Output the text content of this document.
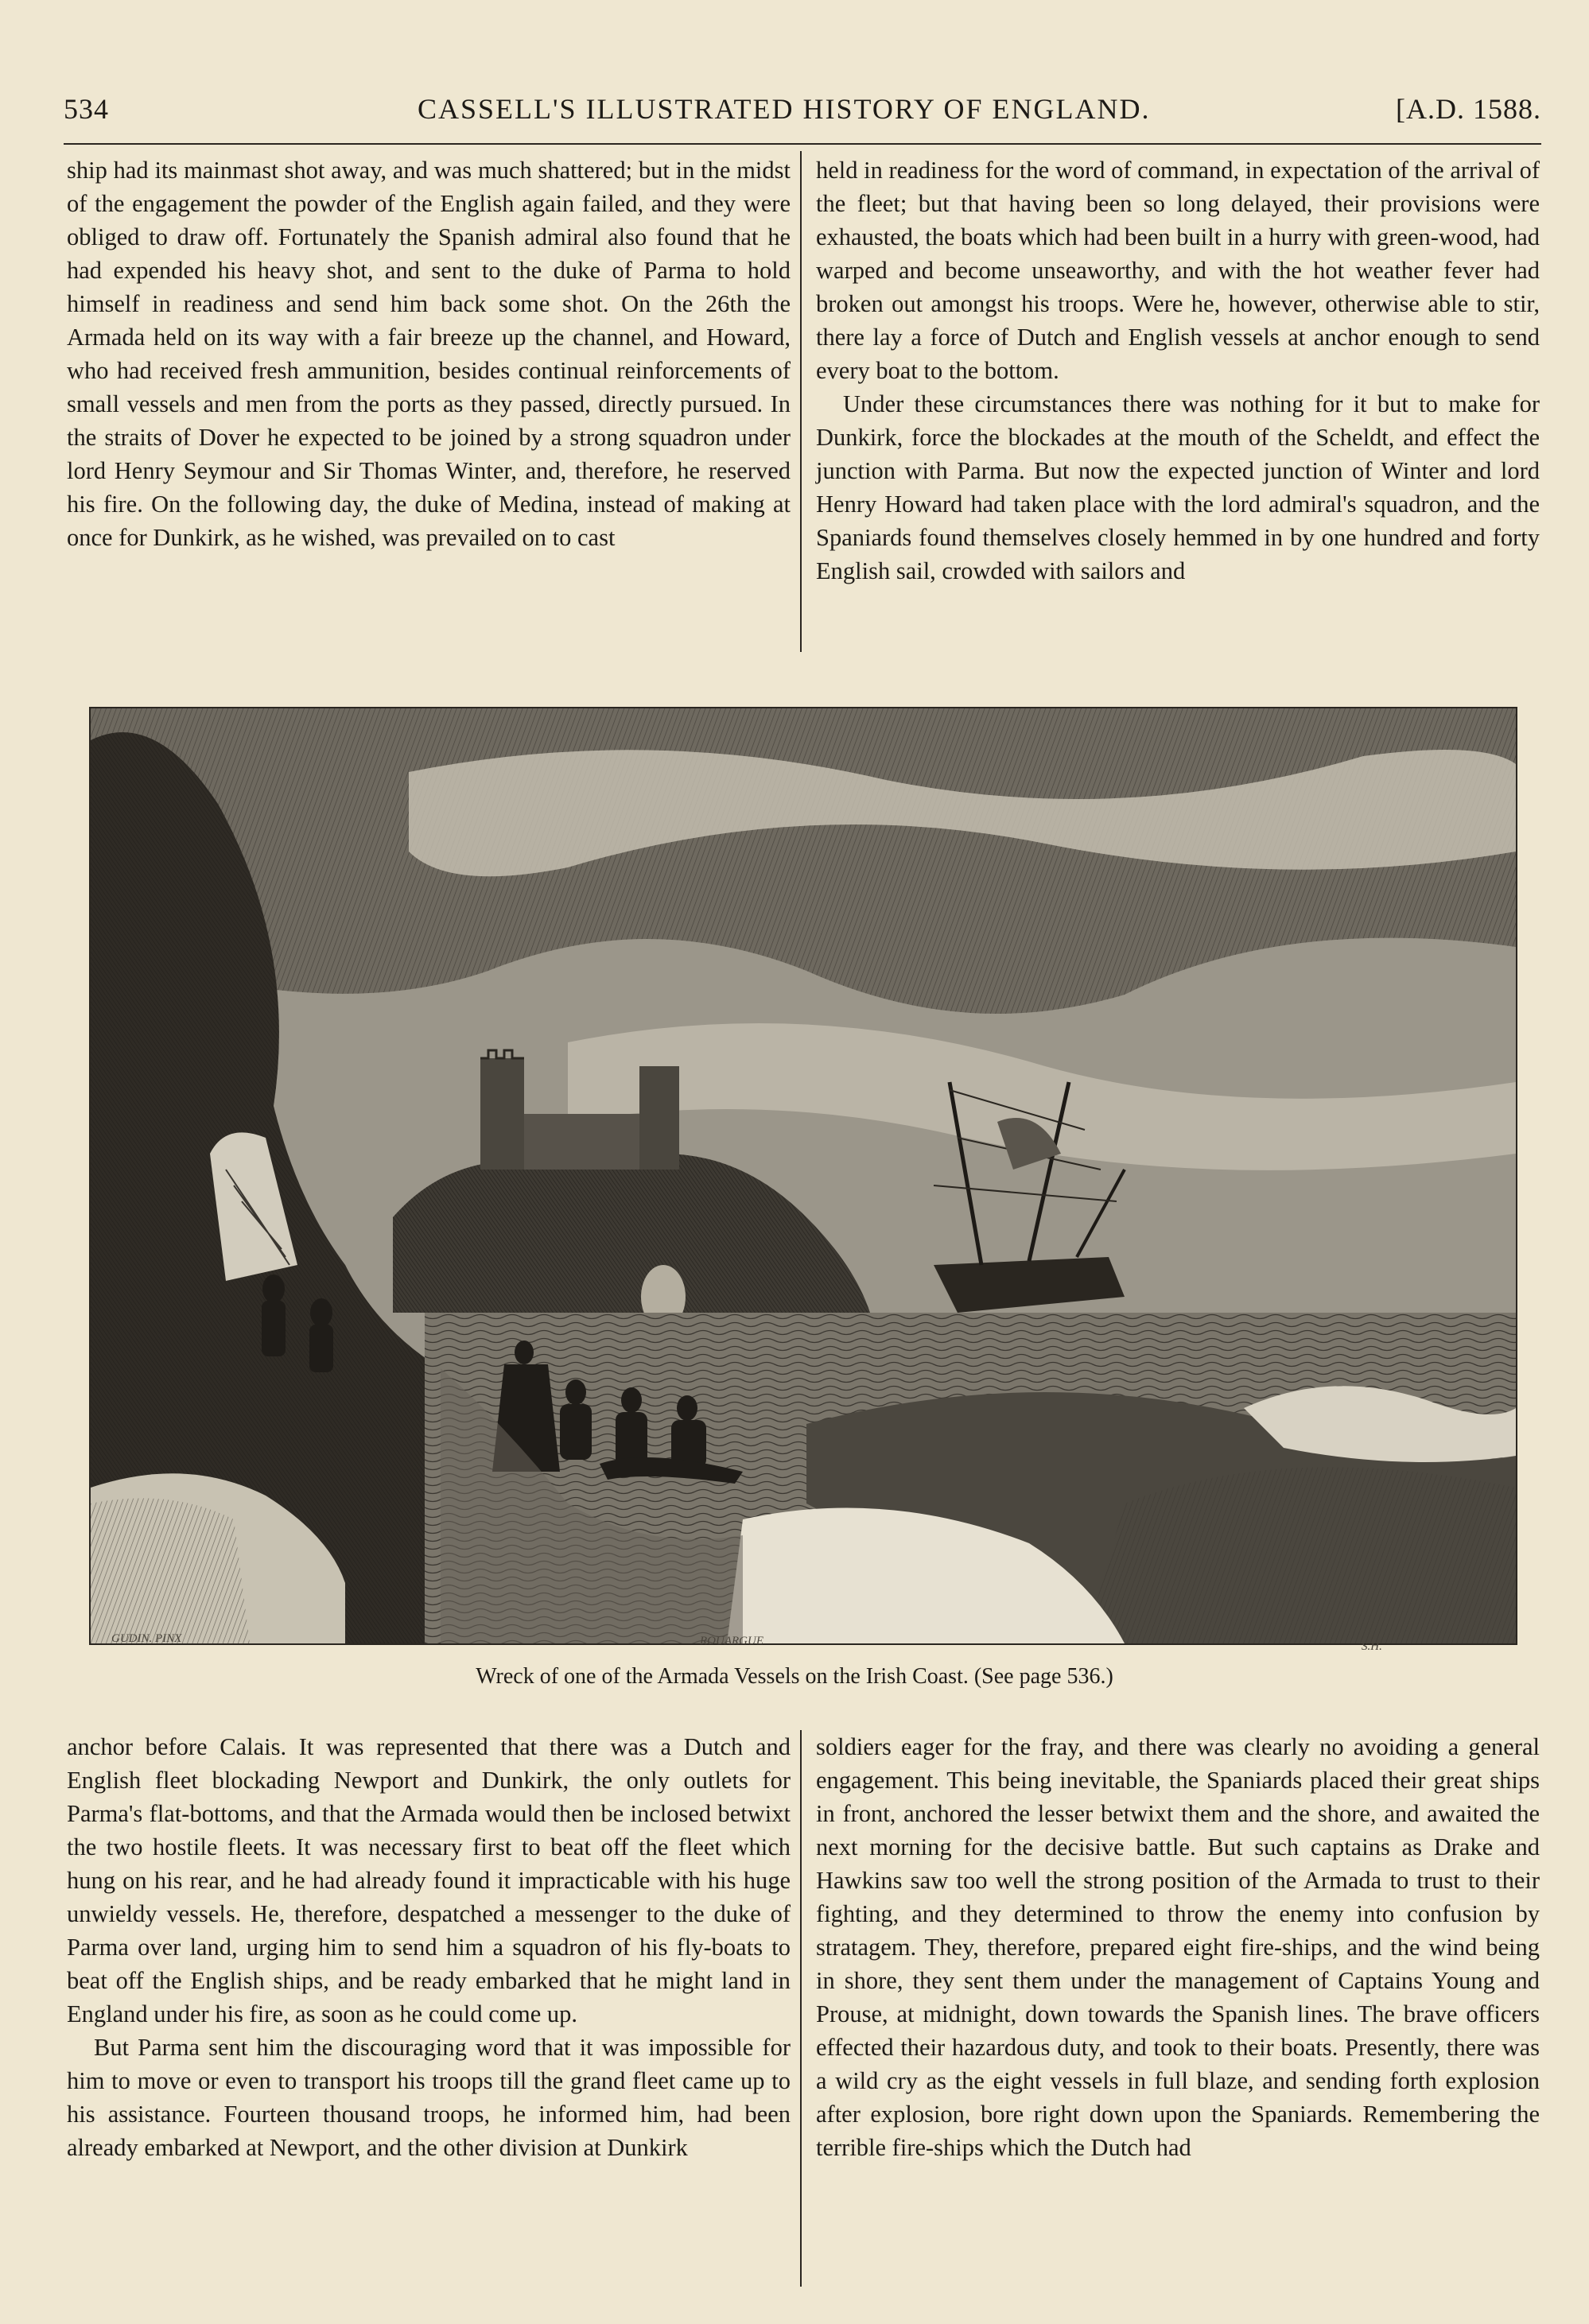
534	CASSELL'S ILLUSTRATED HISTORY OF ENGLAND.	[A.D. 1588.

ship had its mainmast shot away, and was much shattered; but in the midst of the engagement the powder of the English again failed, and they were obliged to draw off. Fortunately the Spanish admiral also found that he had expended his heavy shot, and sent to the duke of Parma to hold himself in readiness and send him back some shot. On the 26th the Armada held on its way with a fair breeze up the channel, and Howard, who had received fresh ammunition, besides continual reinforcements of small vessels and men from the ports as they passed, directly pursued. In the straits of Dover he expected to be joined by a strong squadron under lord Henry Seymour and Sir Thomas Winter, and, therefore, he reserved his fire. On the following day, the duke of Medina, instead of making at once for Dunkirk, as he wished, was prevailed on to cast

held in readiness for the word of command, in expectation of the arrival of the fleet; but that having been so long delayed, their provisions were exhausted, the boats which had been built in a hurry with green-wood, had warped and become unseaworthy, and with the hot weather fever had broken out amongst his troops. Were he, however, otherwise able to stir, there lay a force of Dutch and English vessels at anchor enough to send every boat to the bottom.

Under these circumstances there was nothing for it but to make for Dunkirk, force the blockades at the mouth of the Scheldt, and effect the junction with Parma. But now the expected junction of Winter and lord Henry Howard had taken place with the lord admiral's squadron, and the Spaniards found themselves closely hemmed in by one hundred and forty English sail, crowded with sailors and

GUDIN. PINX	ROUARGUE	S.H.
Wreck of one of the Armada Vessels on the Irish Coast. (See page 536.)

anchor before Calais. It was represented that there was a Dutch and English fleet blockading Newport and Dunkirk, the only outlets for Parma's flat-bottoms, and that the Armada would then be inclosed betwixt the two hostile fleets. It was necessary first to beat off the fleet which hung on his rear, and he had already found it impracticable with his huge unwieldy vessels. He, therefore, despatched a messenger to the duke of Parma over land, urging him to send him a squadron of his fly-boats to beat off the English ships, and be ready embarked that he might land in England under his fire, as soon as he could come up.

But Parma sent him the discouraging word that it was impossible for him to move or even to transport his troops till the grand fleet came up to his assistance. Fourteen thousand troops, he informed him, had been already embarked at Newport, and the other division at Dunkirk

soldiers eager for the fray, and there was clearly no avoiding a general engagement. This being inevitable, the Spaniards placed their great ships in front, anchored the lesser betwixt them and the shore, and awaited the next morning for the decisive battle. But such captains as Drake and Hawkins saw too well the strong position of the Armada to trust to their fighting, and they determined to throw the enemy into confusion by stratagem. They, therefore, prepared eight fire-ships, and the wind being in shore, they sent them under the management of Captains Young and Prouse, at midnight, down towards the Spanish lines. The brave officers effected their hazardous duty, and took to their boats. Presently, there was a wild cry as the eight vessels in full blaze, and sending forth explosion after explosion, bore right down upon the Spaniards. Remembering the terrible fire-ships which the Dutch had
